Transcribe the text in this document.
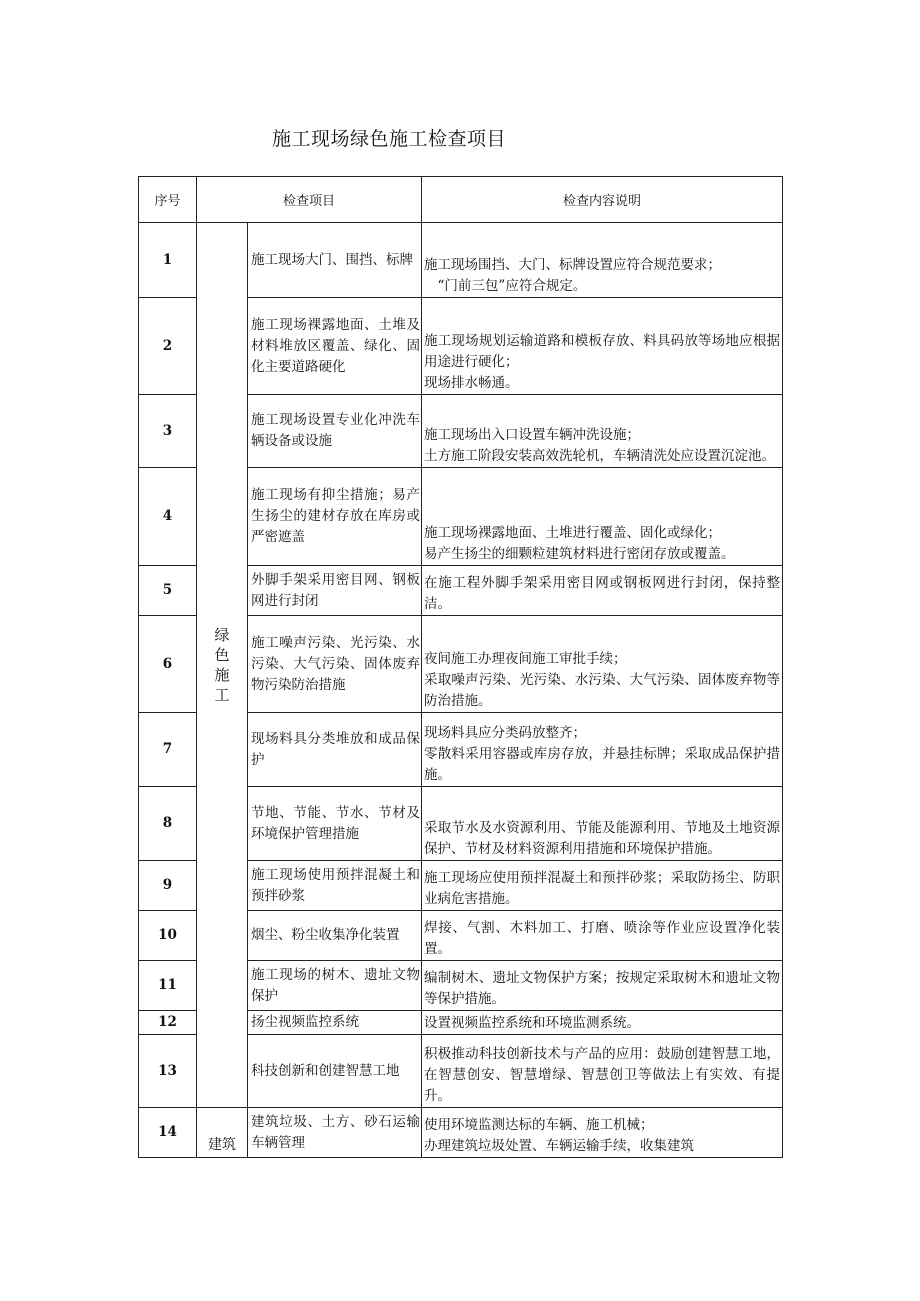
施工现场绿色施工检查项目
序号	检查项目		检查内容说明
1	绿色施工	施工现场大门、围挡、标牌	施工现场围挡、大门、标牌设置应符合规范要求；
　“门前三包”应符合规定。

2		施工现场裸露地面、土堆及材料堆放区覆盖、绿化、固化主要道路硬化	施工现场规划运输道路和模板存放、料具码放等场地应根据用途进行硬化；
现场排水畅通。

3		施工现场设置专业化冲洗车辆设备或设施	施工现场出入口设置车辆冲洗设施；
土方施工阶段安装高效洗轮机，车辆清洗处应设置沉淀池。

4		施工现场有抑尘措施；易产生扬尘的建材存放在库房或严密遮盖	施工现场裸露地面、土堆进行覆盖、固化或绿化；
易产生扬尘的细颗粒建筑材料进行密闭存放或覆盖。

5		外脚手架采用密目网、钢板网进行封闭	在施工程外脚手架采用密目网或钢板网进行封闭，保持整洁。

6		施工噪声污染、光污染、水污染、大气污染、固体废弃物污染防治措施	夜间施工办理夜间施工审批手续；
采取噪声污染、光污染、水污染、大气污染、固体废弃物等防治措施。

7		现场料具分类堆放和成品保护	现场料具应分类码放整齐；
零散料采用容器或库房存放，并悬挂标牌；采取成品保护措施。

8		节地、节能、节水、节材及环境保护管理措施	采取节水及水资源利用、节能及能源利用、节地及土地资源保护、节材及材料资源利用措施和环境保护措施。

9		施工现场使用预拌混凝土和预拌砂浆	施工现场应使用预拌混凝土和预拌砂浆；采取防扬尘、防职业病危害措施。

10		烟尘、粉尘收集净化装置	焊接、气割、木料加工、打磨、喷涂等作业应设置净化装置。

11		施工现场的树木、遗址文物保护	编制树木、遗址文物保护方案；按规定采取树木和遗址文物等保护措施。

12		扬尘视频监控系统	设置视频监控系统和环境监测系统。

13		科技创新和创建智慧工地	积极推动科技创新技术与产品的应用：鼓励创建智慧工地，在智慧创安、智慧增绿、智慧创卫等做法上有实效、有提升。

14	建筑	建筑垃圾、土方、砂石运输车辆管理	使用环境监测达标的车辆、施工机械；
办理建筑垃圾处置、车辆运输手续，收集建筑
